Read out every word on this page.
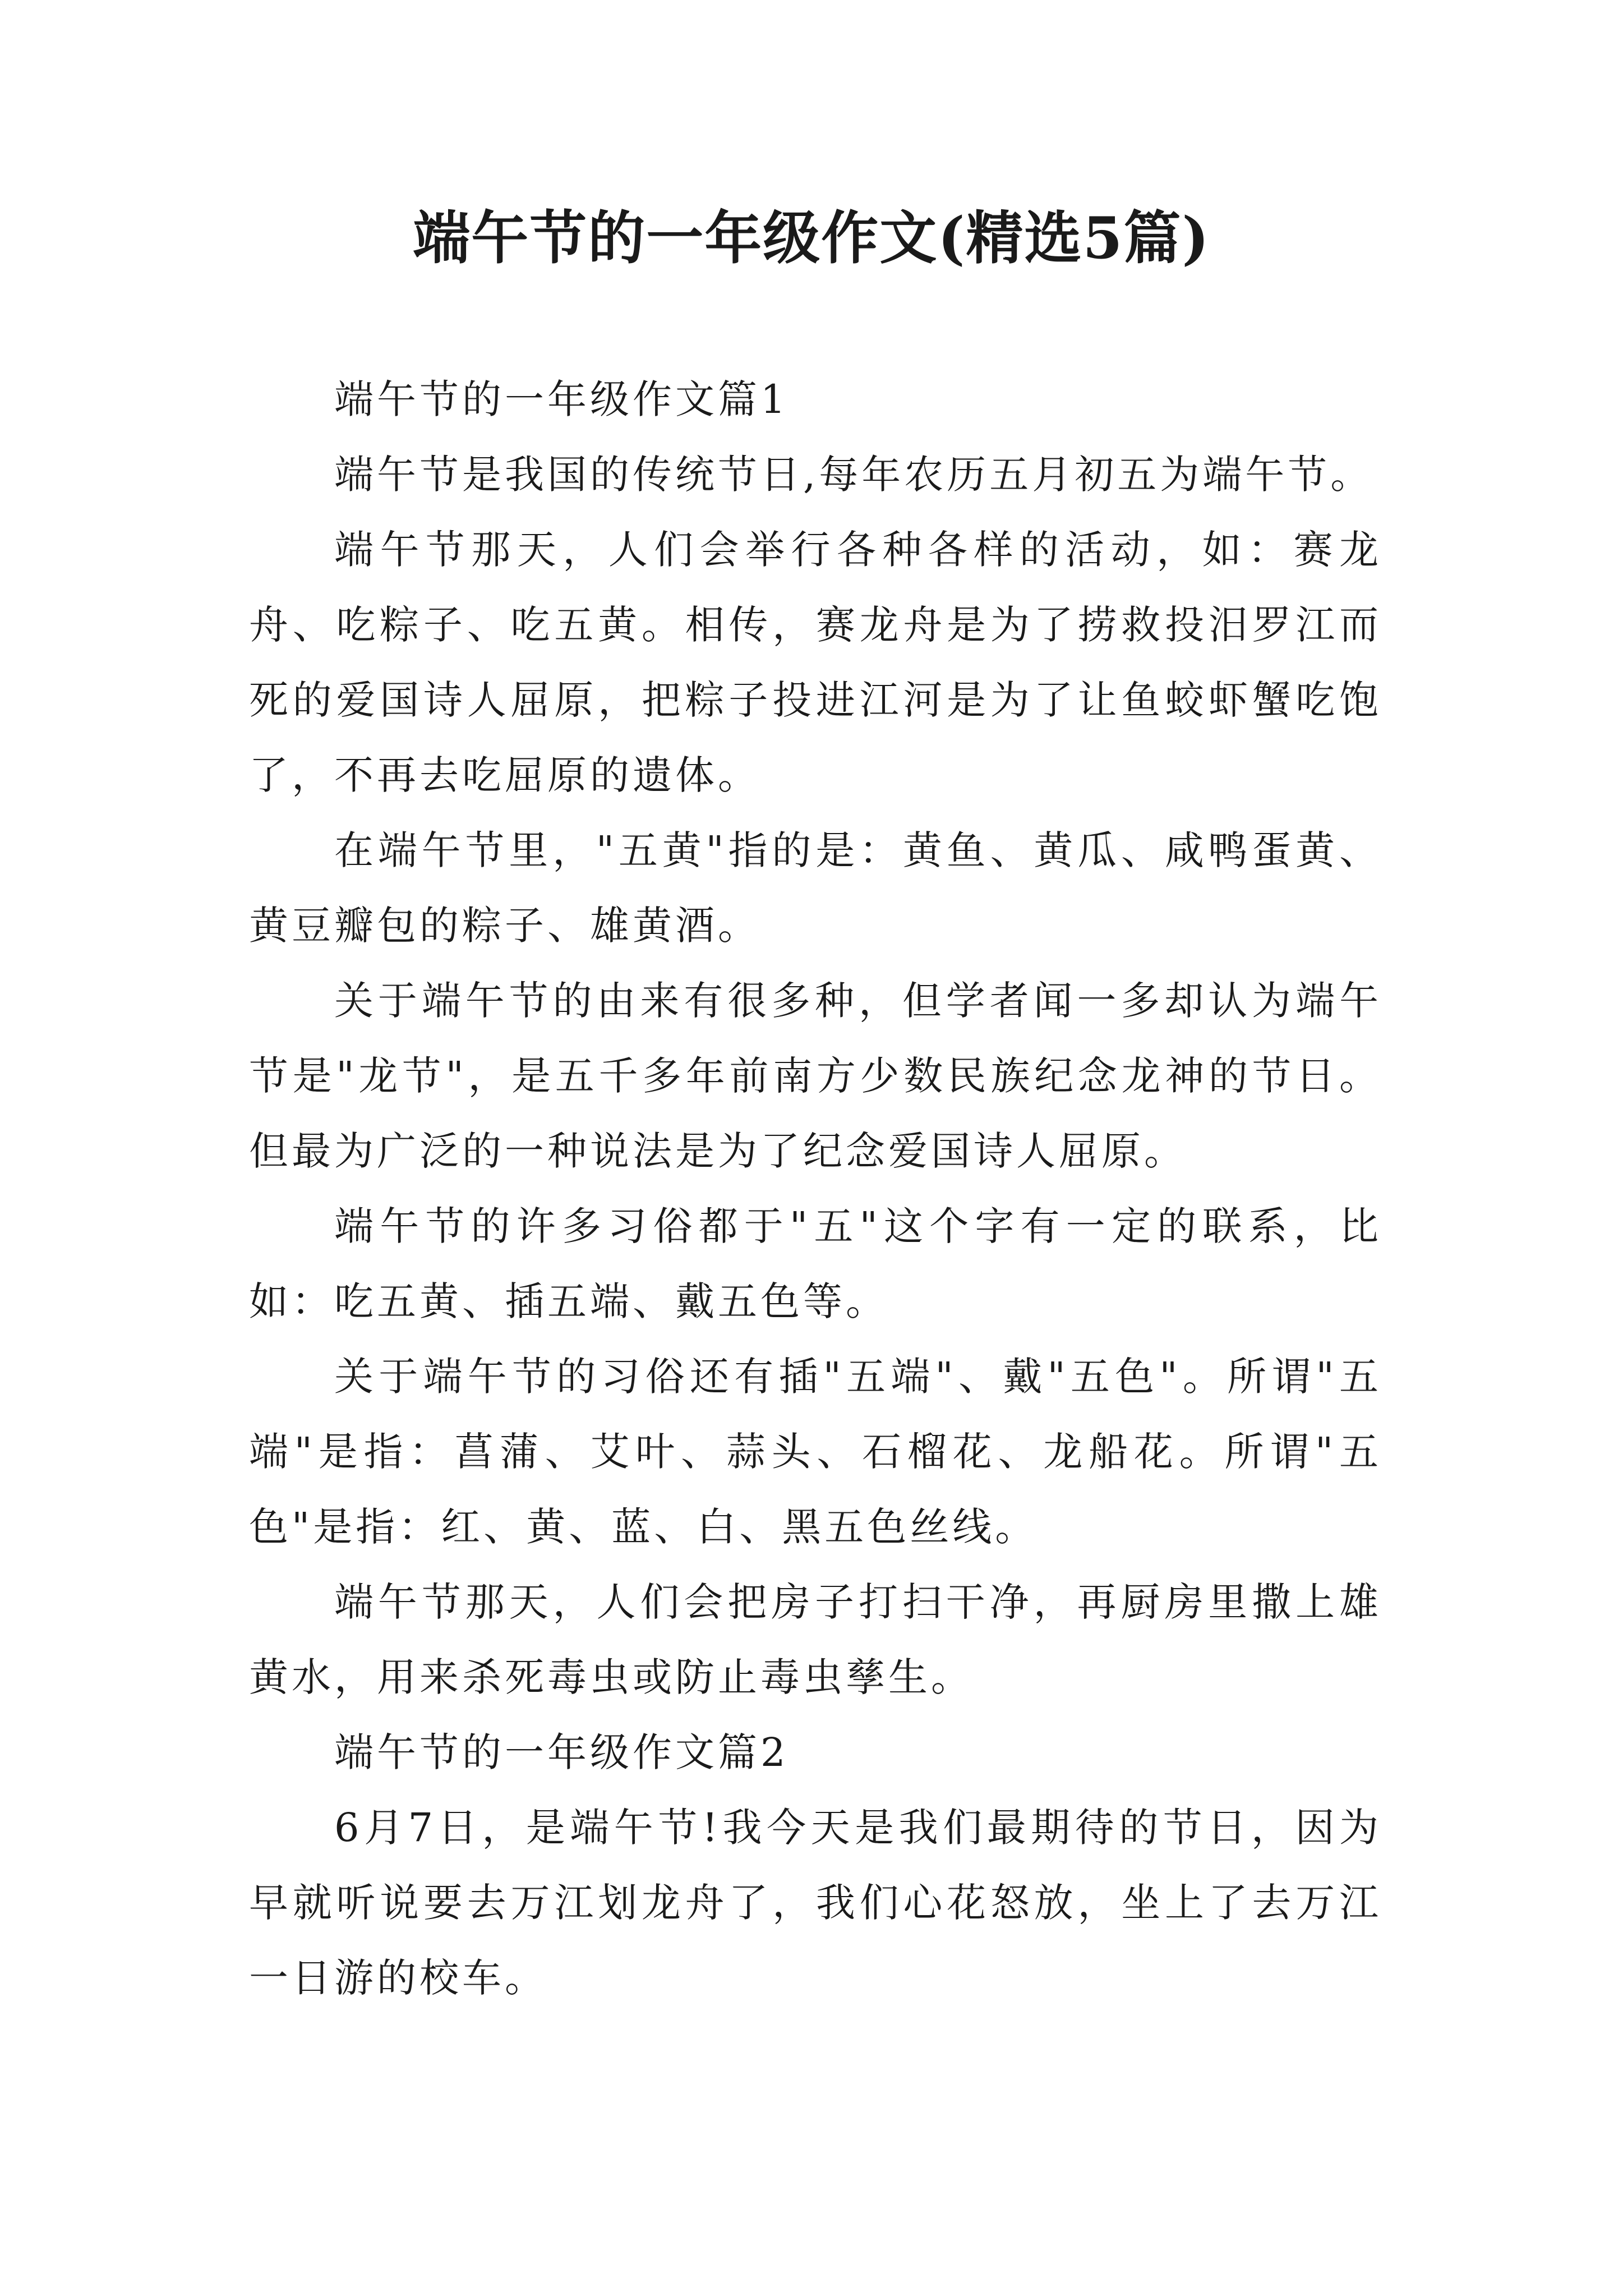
端午节的一年级作文(精选5篇)

端午节的一年级作文篇1

端午节是我国的传统节日,每年农历五月初五为端午节。

端午节那天，人们会举行各种各样的活动，如：赛龙舟、吃粽子、吃五黄。相传，赛龙舟是为了捞救投汨罗江而死的爱国诗人屈原，把粽子投进江河是为了让鱼蛟虾蟹吃饱了，不再去吃屈原的遗体。

在端午节里，"五黄"指的是：黄鱼、黄瓜、咸鸭蛋黄、黄豆瓣包的粽子、雄黄酒。

关于端午节的由来有很多种，但学者闻一多却认为端午节是"龙节"，是五千多年前南方少数民族纪念龙神的节日。但最为广泛的一种说法是为了纪念爱国诗人屈原。

端午节的许多习俗都于"五"这个字有一定的联系，比如：吃五黄、插五端、戴五色等。

关于端午节的习俗还有插"五端"、戴"五色"。所谓"五端"是指：菖蒲、艾叶、蒜头、石榴花、龙船花。所谓"五色"是指：红、黄、蓝、白、黑五色丝线。

端午节那天，人们会把房子打扫干净，再厨房里撒上雄黄水，用来杀死毒虫或防止毒虫孳生。

端午节的一年级作文篇2

6月7日，是端午节!我今天是我们最期待的节日，因为早就听说要去万江划龙舟了，我们心花怒放，坐上了去万江一日游的校车。
